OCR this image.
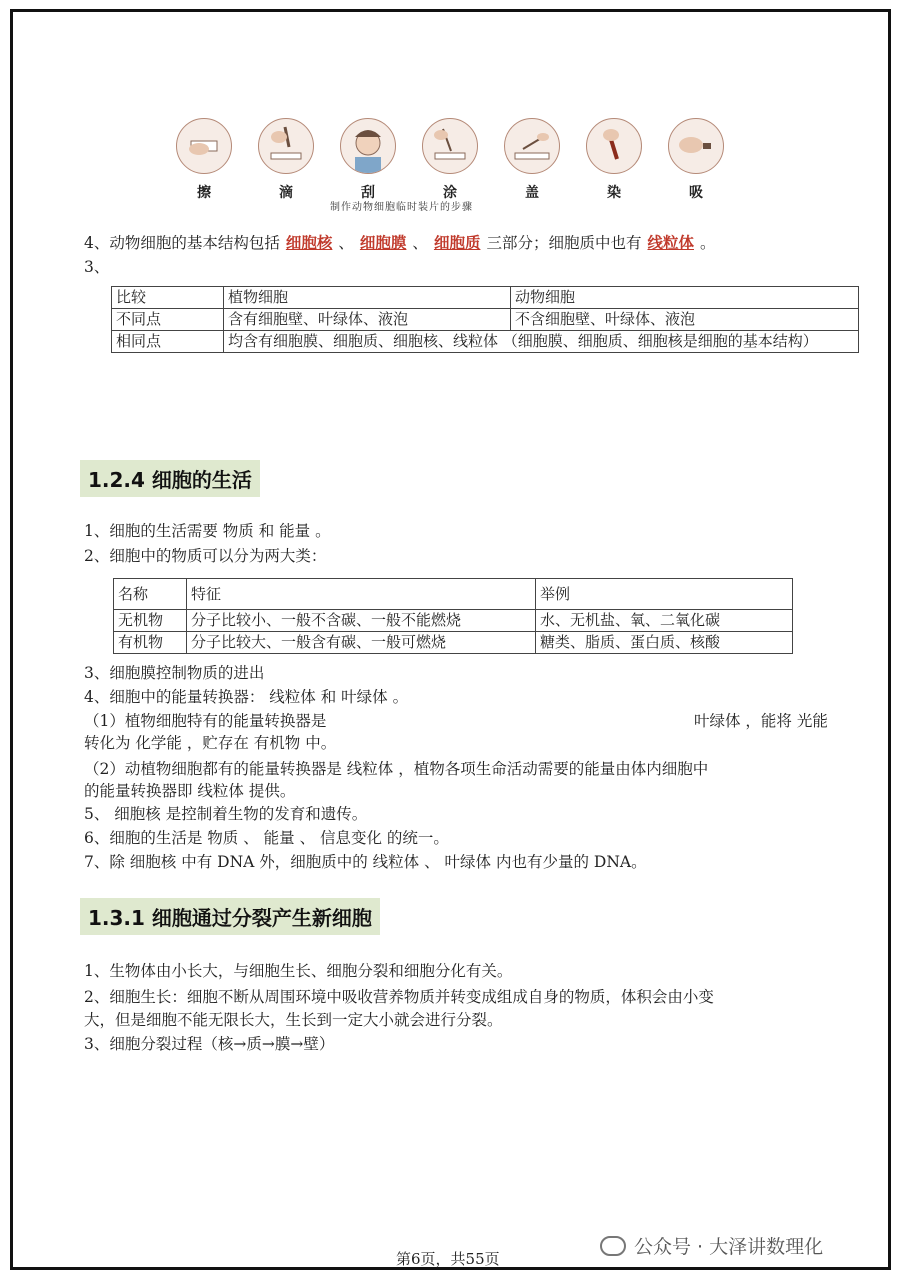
擦	滴	刮	涂	盖	染	吸
制作动物细胞临时装片的步骤
4、动物细胞的基本结构包括 细胞核 、 细胞膜 、 细胞质 三部分；细胞质中也有 线粒体 。
3、
比较	植物细胞	动物细胞
不同点	含有细胞壁、叶绿体、液泡	不含细胞壁、叶绿体、液泡
相同点	均含有细胞膜、细胞质、细胞核、线粒体 （细胞膜、细胞质、细胞核是细胞的基本结构）	
1.2.4 细胞的生活
1、细胞的生活需要 物质 和 能量 。
2、细胞中的物质可以分为两大类：
名称	特征	举例
无机物	分子比较小、一般不含碳、一般不能燃烧	水、无机盐、氧、二氧化碳
有机物	分子比较大、一般含有碳、一般可燃烧	糖类、脂质、蛋白质、核酸
3、细胞膜控制物质的进出
4、细胞中的能量转换器： 线粒体 和 叶绿体 。
（1）植物细胞特有的能量转换器是	叶绿体 ，能将 光能
转化为 化学能 ，贮存在 有机物 中。
（2）动植物细胞都有的能量转换器是 线粒体 ，植物各项生命活动需要的能量由体内细胞中
的能量转换器即 线粒体 提供。
5、 细胞核 是控制着生物的发育和遗传。
6、细胞的生活是 物质 、 能量 、 信息变化 的统一。
7、除 细胞核 中有 DNA 外，细胞质中的 线粒体 、 叶绿体 内也有少量的 DNA。
1.3.1 细胞通过分裂产生新细胞
1、生物体由小长大，与细胞生长、细胞分裂和细胞分化有关。
2、细胞生长：细胞不断从周围环境中吸收营养物质并转变成组成自身的物质，体积会由小变
大，但是细胞不能无限长大，生长到一定大小就会进行分裂。
3、细胞分裂过程（核→质→膜→壁）
公众号 · 大泽讲数理化
第6页，共55页
